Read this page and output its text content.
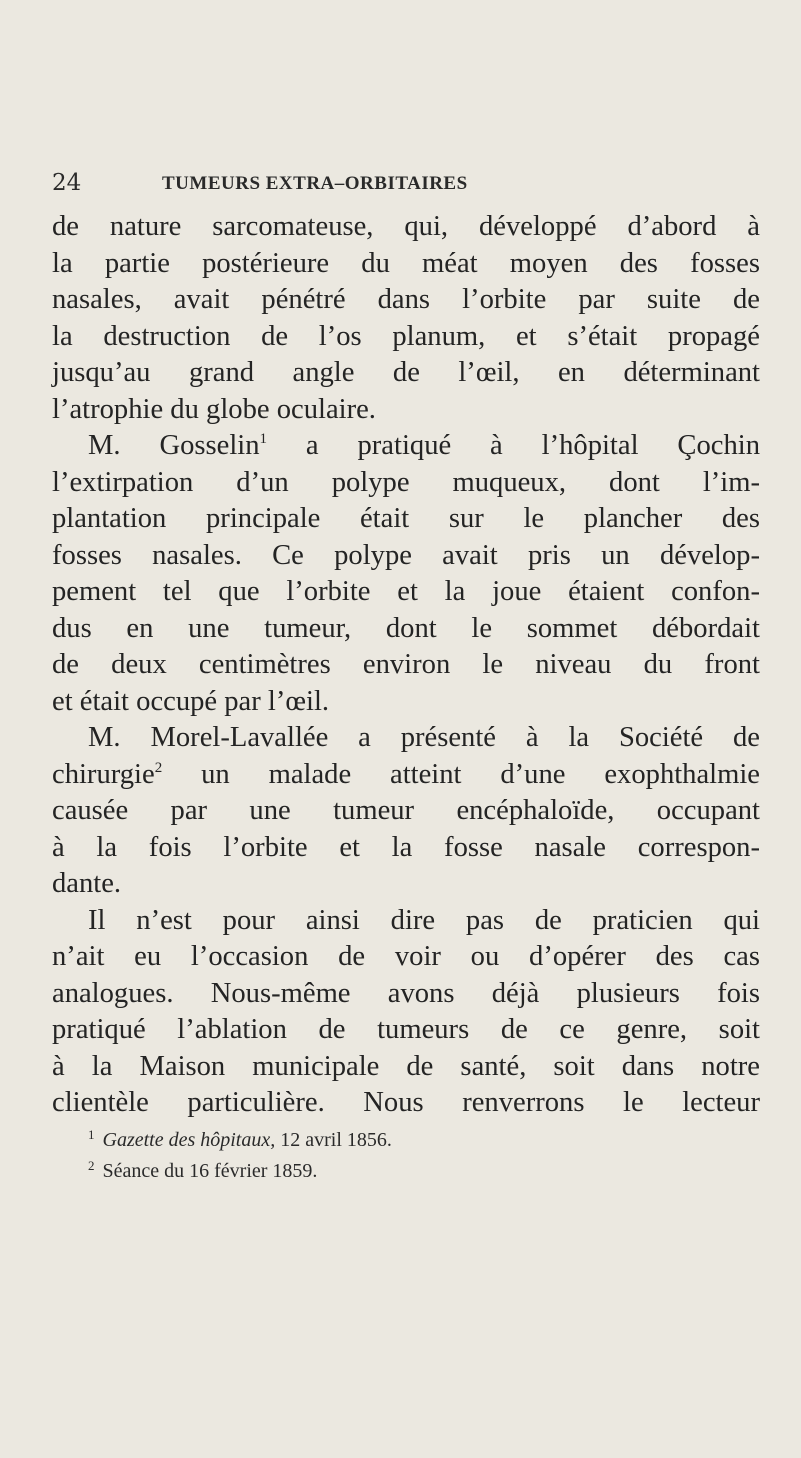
24	TUMEURS EXTRA–ORBITAIRES
de nature sarcomateuse, qui, développé d’abord à
la partie postérieure du méat moyen des fosses
nasales, avait pénétré dans l’orbite par suite de
la destruction de l’os planum, et s’était propagé
jusqu’au grand angle de l’œil, en déterminant
l’atrophie du globe oculaire.
M. Gosselin$^1$ a pratiqué à l’hôpital Çochin
l’extirpation d’un polype muqueux, dont l’im-
plantation principale était sur le plancher des
fosses nasales. Ce polype avait pris un dévelop-
pement tel que l’orbite et la joue étaient confon-
dus en une tumeur, dont le sommet débordait
de deux centimètres environ le niveau du front
et était occupé par l’œil.
M. Morel-Lavallée a présenté à la Société de
chirurgie$^2$ un malade atteint d’une exophthalmie
causée par une tumeur encéphaloïde, occupant
à la fois l’orbite et la fosse nasale correspon-
dante.
Il n’est pour ainsi dire pas de praticien qui
n’ait eu l’occasion de voir ou d’opérer des cas
analogues. Nous-même avons déjà plusieurs fois
pratiqué l’ablation de tumeurs de ce genre, soit
à la Maison municipale de santé, soit dans notre
clientèle particulière. Nous renverrons le lecteur
$^1$ Gazette des hôpitaux, 12 avril 1856.
$^2$ Séance du 16 février 1859.
